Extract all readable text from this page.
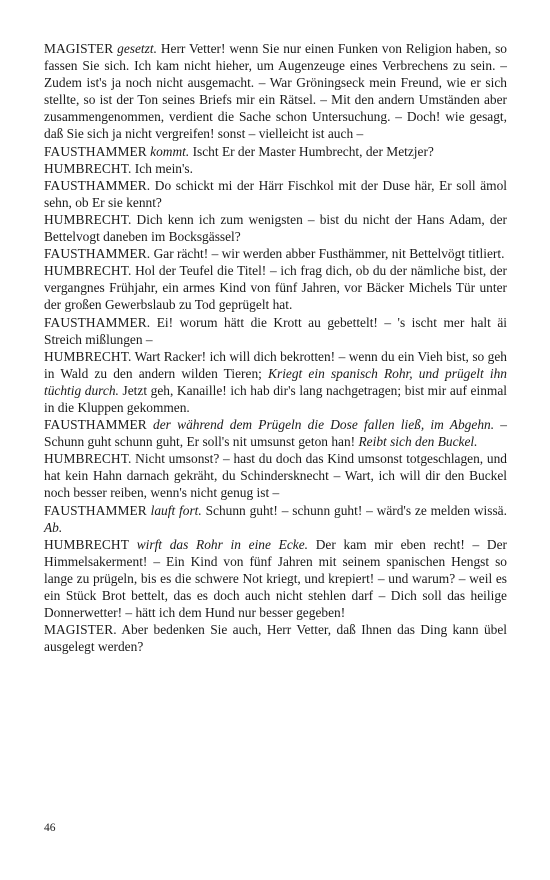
MAGISTER gesetzt. Herr Vetter! wenn Sie nur einen Funken von Religion haben, so fassen Sie sich. Ich kam nicht hieher, um Augenzeuge eines Verbrechens zu sein. – Zudem ist's ja noch nicht ausgemacht. – War Gröningseck mein Freund, wie er sich stellte, so ist der Ton seines Briefs mir ein Rätsel. – Mit den andern Umständen aber zusammengenommen, verdient die Sache schon Untersuchung. – Doch! wie gesagt, daß Sie sich ja nicht vergreifen! sonst – vielleicht ist auch –

FAUSTHAMMER kommt. Ischt Er der Master Humbrecht, der Metzjer?

HUMBRECHT. Ich mein's.

FAUSTHAMMER. Do schickt mi der Härr Fischkol mit der Duse här, Er soll ämol sehn, ob Er sie kennt?

HUMBRECHT. Dich kenn ich zum wenigsten – bist du nicht der Hans Adam, der Bettelvogt daneben im Bocksgässel?

FAUSTHAMMER. Gar rächt! – wir werden abber Fusthämmer, nit Bettelvögt titliert.

HUMBRECHT. Hol der Teufel die Titel! – ich frag dich, ob du der nämliche bist, der vergangnes Frühjahr, ein armes Kind von fünf Jahren, vor Bäcker Michels Tür unter der großen Gewerbslaub zu Tod geprügelt hat.

FAUSTHAMMER. Ei! worum hätt die Krott au gebettelt! – 's ischt mer halt äi Streich mißlungen –

HUMBRECHT. Wart Racker! ich will dich bekrotten! – wenn du ein Vieh bist, so geh in Wald zu den andern wilden Tieren; Kriegt ein spanisch Rohr, und prügelt ihn tüchtig durch. Jetzt geh, Kanaille! ich hab dir's lang nachgetragen; bist mir auf einmal in die Kluppen gekommen.

FAUSTHAMMER der während dem Prügeln die Dose fallen ließ, im Abgehn. – Schunn guht schunn guht, Er soll's nit umsunst geton han! Reibt sich den Buckel.

HUMBRECHT. Nicht umsonst? – hast du doch das Kind umsonst totgeschlagen, und hat kein Hahn darnach gekräht, du Schindersknecht – Wart, ich will dir den Buckel noch besser reiben, wenn's nicht genug ist –

FAUSTHAMMER lauft fort. Schunn guht! – schunn guht! – wärd's ze melden wissä. Ab.

HUMBRECHT wirft das Rohr in eine Ecke. Der kam mir eben recht! – Der Himmelsakerment! – Ein Kind von fünf Jahren mit seinem spanischen Hengst so lange zu prügeln, bis es die schwere Not kriegt, und krepiert! – und warum? – weil es ein Stück Brot bettelt, das es doch auch nicht stehlen darf – Dich soll das heilige Donnerwetter! – hätt ich dem Hund nur besser gegeben!

MAGISTER. Aber bedenken Sie auch, Herr Vetter, daß Ihnen das Ding kann übel ausgelegt werden?

46
